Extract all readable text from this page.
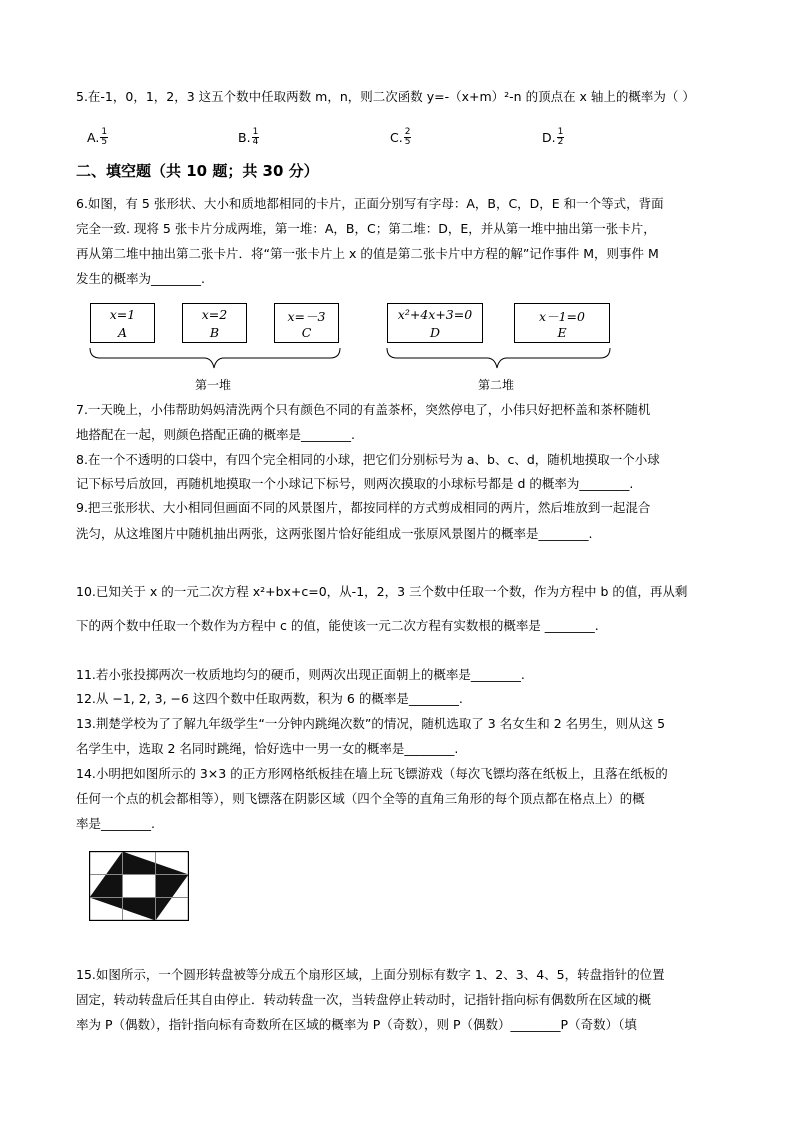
5.在-1，0，1，2，3 这五个数中任取两数 m，n，则二次函数 y=-（x+m）²-n 的顶点在 x 轴上的概率为（ ）
A. $\frac{1}{5}$	B. $\frac{1}{4}$	C. $\frac{2}{5}$	D. $\frac{1}{2}$
二、填空题（共 10 题；共 30 分）
6.如图，有 5 张形状、大小和质地都相同的卡片，正面分别写有字母：A，B，C，D，E 和一个等式，背面
完全一致. 现将 5 张卡片分成两堆，第一堆：A，B，C；第二堆：D，E，并从第一堆中抽出第一张卡片，
再从第二堆中抽出第二张卡片．将“第一张卡片上 x 的值是第二张卡片中方程的解”记作事件 M，则事件 M
发生的概率为________.
x=1
A
x=2
B
x=－3
C
x²+4x+3=0
D
x－1=0
E
第一堆	第二堆
7.一天晚上，小伟帮助妈妈清洗两个只有颜色不同的有盖茶杯，突然停电了，小伟只好把杯盖和茶杯随机
地搭配在一起，则颜色搭配正确的概率是________.
8.在一个不透明的口袋中，有四个完全相同的小球，把它们分别标号为 a、b、c、d，随机地摸取一个小球
记下标号后放回，再随机地摸取一个小球记下标号，则两次摸取的小球标号都是 d 的概率为________.
9.把三张形状、大小相同但画面不同的风景图片，都按同样的方式剪成相同的两片，然后堆放到一起混合
洗匀，从这堆图片中随机抽出两张，这两张图片恰好能组成一张原风景图片的概率是________.
10.已知关于 x 的一元二次方程 x²+bx+c=0，从-1，2，3 三个数中任取一个数，作为方程中 b 的值，再从剩
下的两个数中任取一个数作为方程中 c 的值，能使该一元二次方程有实数根的概率是 ________.
11.若小张投掷两次一枚质地均匀的硬币，则两次出现正面朝上的概率是________.
12.从 −1, 2, 3, −6 这四个数中任取两数，积为 6 的概率是________.
13.荆楚学校为了了解九年级学生“一分钟内跳绳次数”的情况，随机选取了 3 名女生和 2 名男生，则从这 5
名学生中，选取 2 名同时跳绳，恰好选中一男一女的概率是________.
14.小明把如图所示的 3×3 的正方形网格纸板挂在墙上玩飞镖游戏（每次飞镖均落在纸板上，且落在纸板的
任何一个点的机会都相等），则飞镖落在阴影区域（四个全等的直角三角形的每个顶点都在格点上）的概
率是________.
15.如图所示，一个圆形转盘被等分成五个扇形区域，上面分别标有数字 1、2、3、4、5，转盘指针的位置
固定，转动转盘后任其自由停止．转动转盘一次，当转盘停止转动时，记指针指向标有偶数所在区域的概
率为 P（偶数），指针指向标有奇数所在区域的概率为 P（奇数），则 P（偶数）________P（奇数）（填
